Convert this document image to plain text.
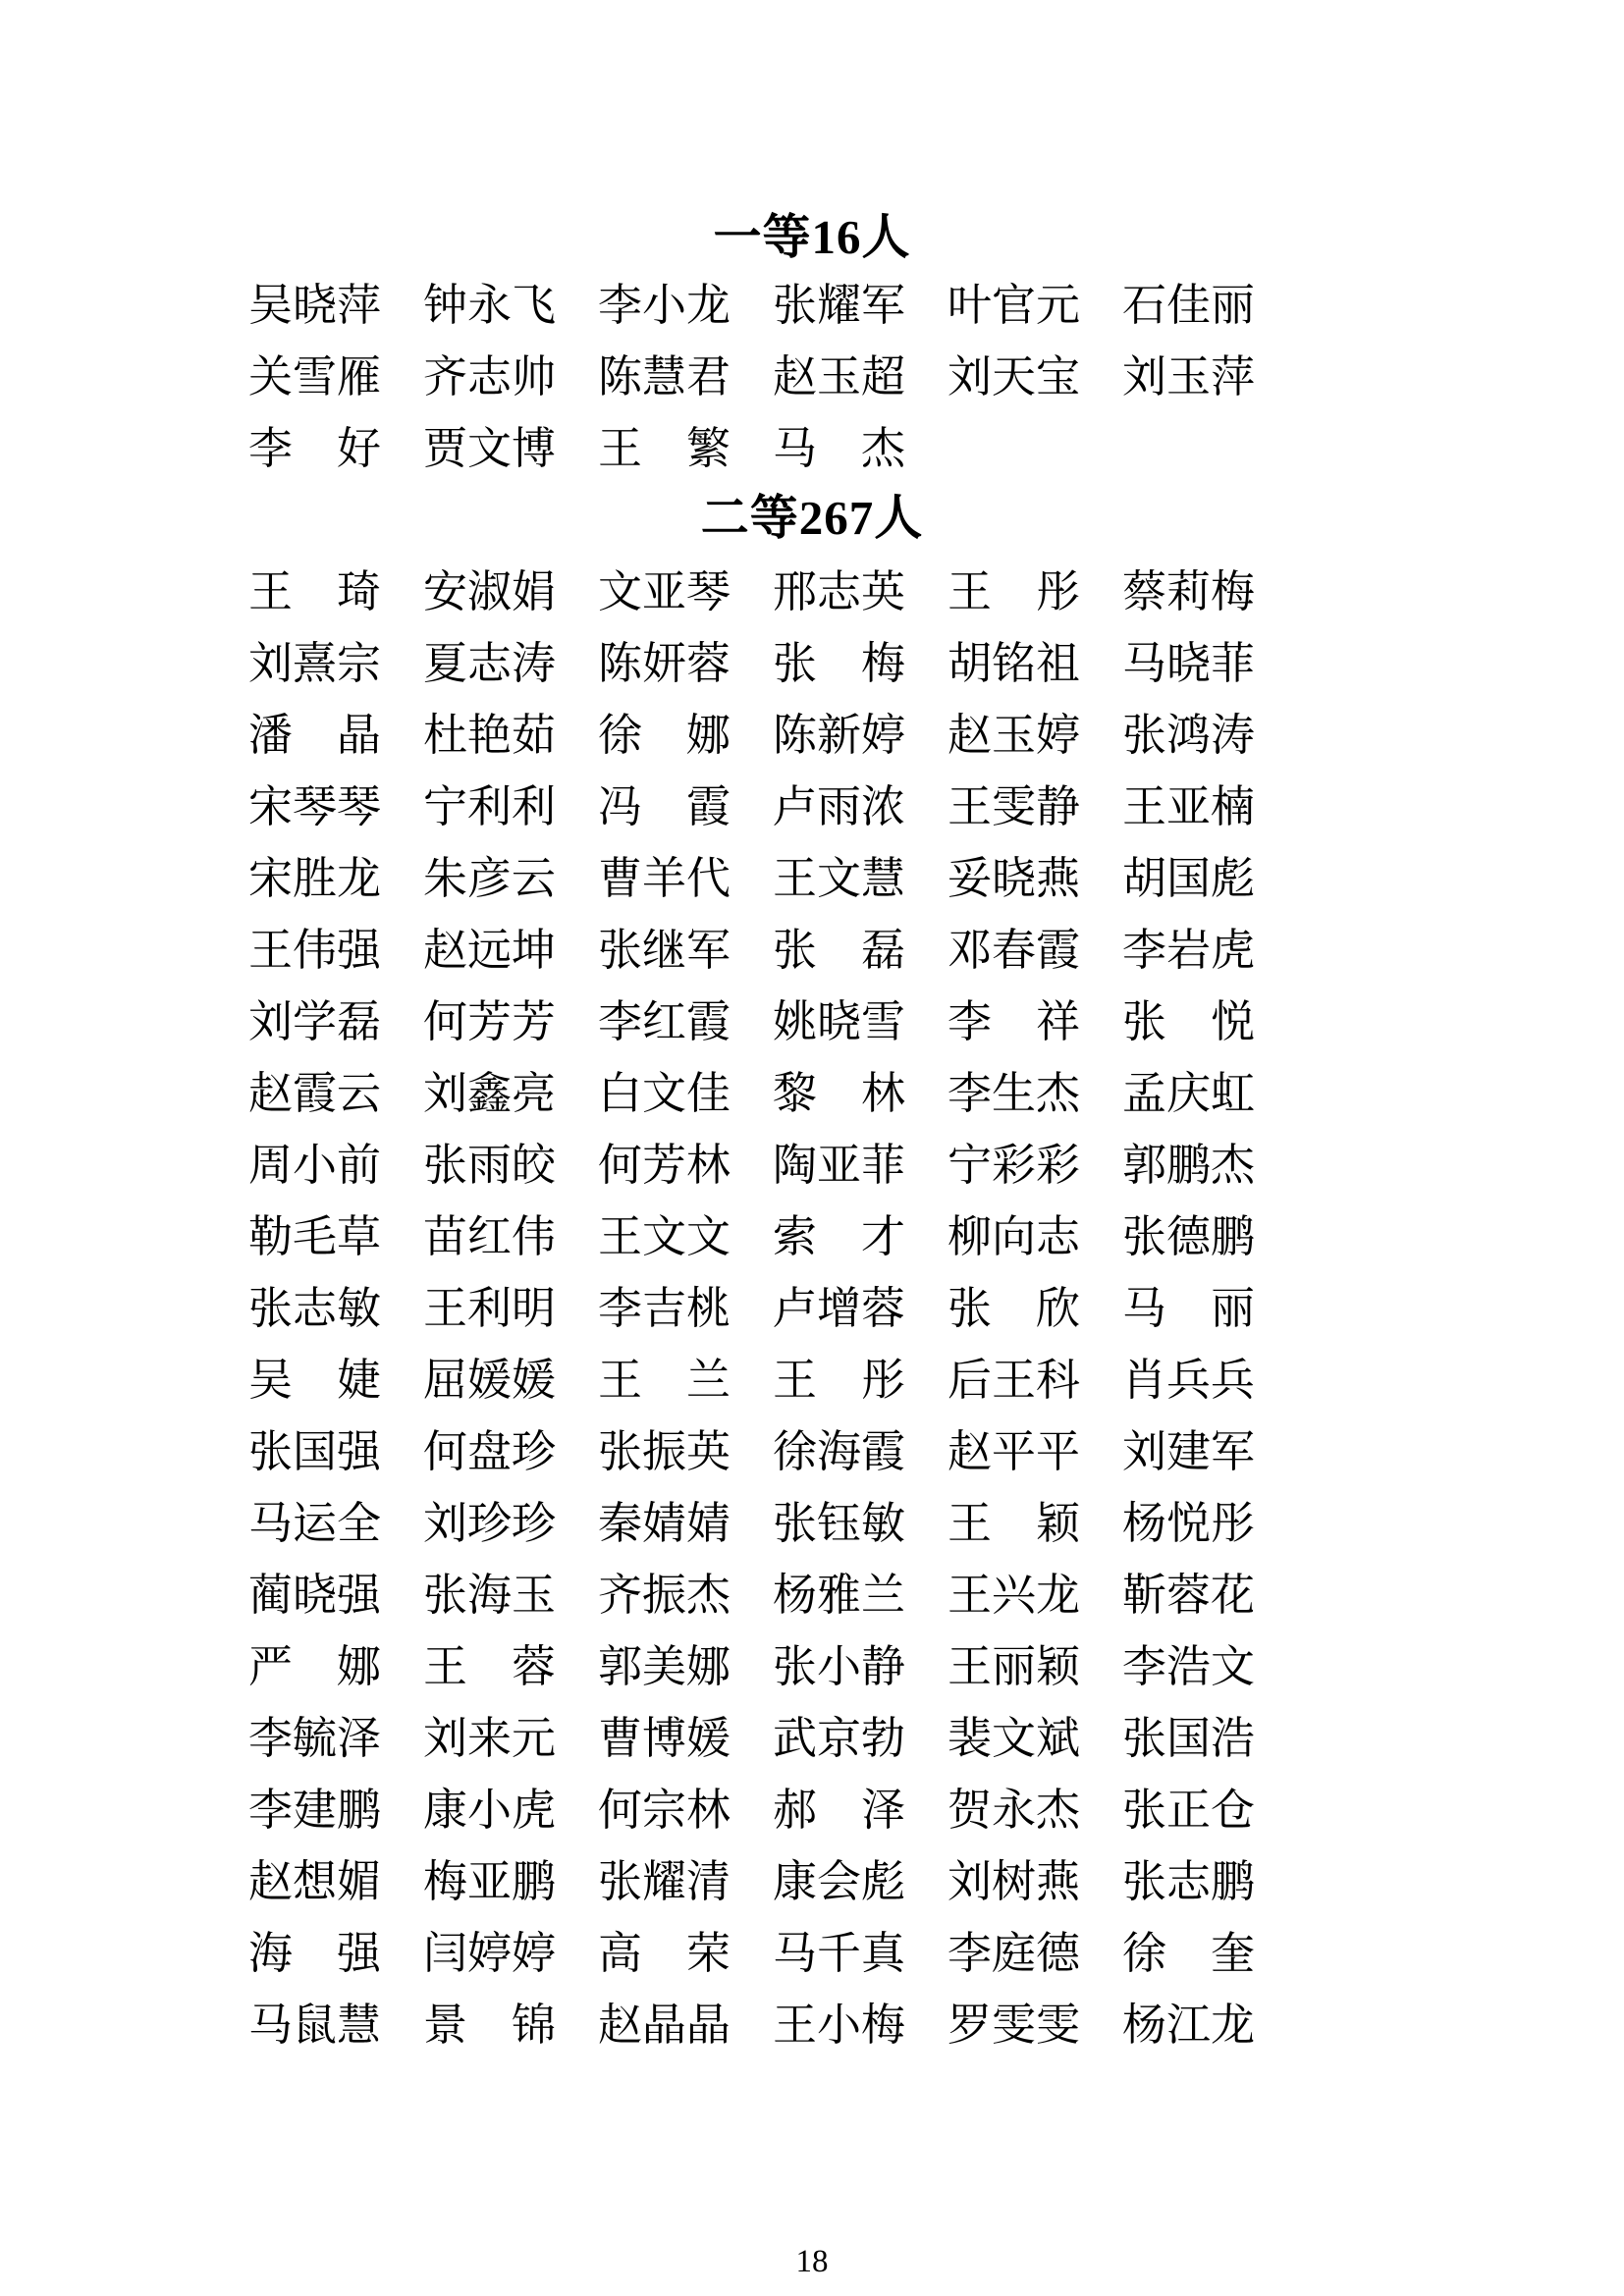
一等16人
吴晓萍 钟永飞 李小龙 张耀军 叶官元 石佳丽
关雪雁 齐志帅 陈慧君 赵玉超 刘天宝 刘玉萍
李　好 贾文博 王　繁 马　杰
二等267人
王　琦 安淑娟 文亚琴 邢志英 王　彤 蔡莉梅
刘熹宗 夏志涛 陈妍蓉 张　梅 胡铭祖 马晓菲
潘　晶 杜艳茹 徐　娜 陈新婷 赵玉婷 张鸿涛
宋琴琴 宁利利 冯　霞 卢雨浓 王雯静 王亚楠
宋胜龙 朱彦云 曹羊代 王文慧 妥晓燕 胡国彪
王伟强 赵远坤 张继军 张　磊 邓春霞 李岩虎
刘学磊 何芳芳 李红霞 姚晓雪 李　祥 张　悦
赵霞云 刘鑫亮 白文佳 黎　林 李生杰 孟庆虹
周小前 张雨皎 何芳林 陶亚菲 宁彩彩 郭鹏杰
勒毛草 苗红伟 王文文 索　才 柳向志 张德鹏
张志敏 王利明 李吉桃 卢增蓉 张　欣 马　丽
吴　婕 屈媛媛 王　兰 王　彤 后王科 肖兵兵
张国强 何盘珍 张振英 徐海霞 赵平平 刘建军
马运全 刘珍珍 秦婧婧 张钰敏 王　颖 杨悦彤
蔺晓强 张海玉 齐振杰 杨雅兰 王兴龙 靳蓉花
严　娜 王　蓉 郭美娜 张小静 王丽颖 李浩文
李毓泽 刘来元 曹博媛 武京勃 裴文斌 张国浩
李建鹏 康小虎 何宗林 郝　泽 贺永杰 张正仓
赵想媚 梅亚鹏 张耀清 康会彪 刘树燕 张志鹏
海　强 闫婷婷 高　荣 马千真 李庭德 徐　奎
马鼠慧 景　锦 赵晶晶 王小梅 罗雯雯 杨江龙
18
